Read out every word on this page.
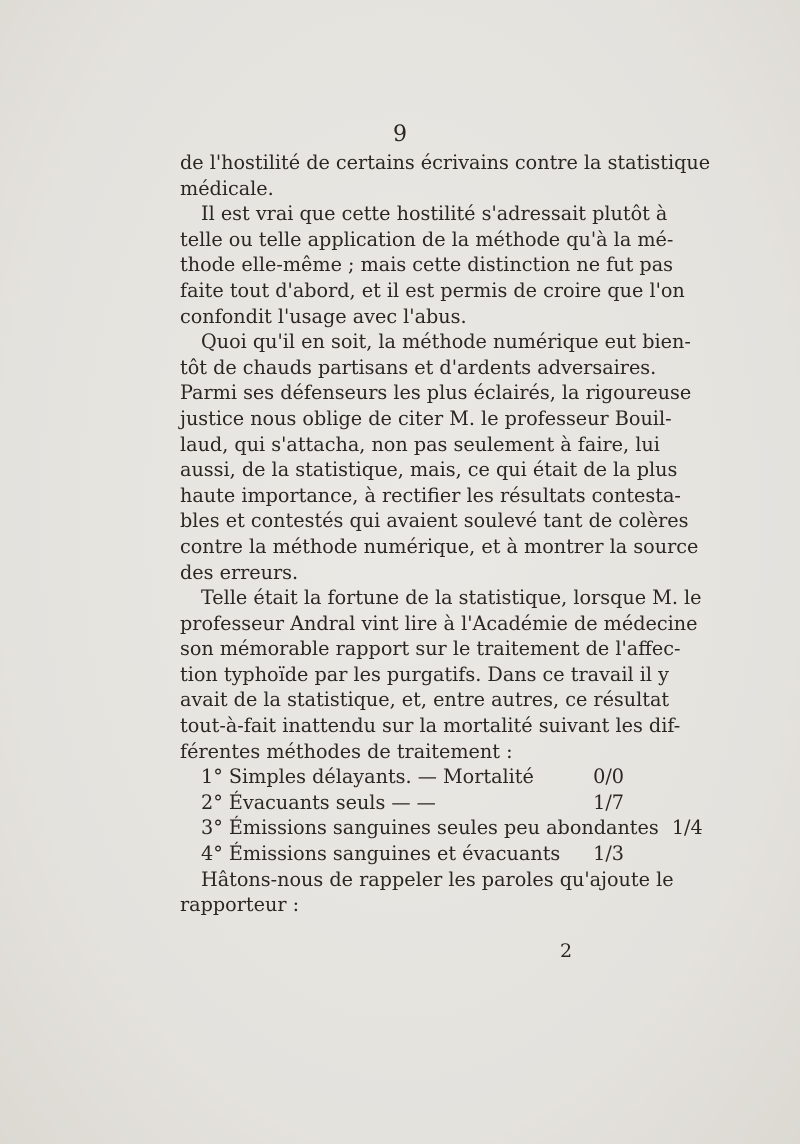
9
de l'hostilité de certains écrivains contre la statistique
médicale.
Il est vrai que cette hostilité s'adressait plutôt à
telle ou telle application de la méthode qu'à la mé-
thode elle-même ; mais cette distinction ne fut pas
faite tout d'abord, et il est permis de croire que l'on
confondit l'usage avec l'abus.
Quoi qu'il en soit, la méthode numérique eut bien-
tôt de chauds partisans et d'ardents adversaires.
Parmi ses défenseurs les plus éclairés, la rigoureuse
justice nous oblige de citer M. le professeur Bouil-
laud, qui s'attacha, non pas seulement à faire, lui
aussi, de la statistique, mais, ce qui était de la plus
haute importance, à rectifier les résultats contesta-
bles et contestés qui avaient soulevé tant de colères
contre la méthode numérique, et à montrer la source
des erreurs.
Telle était la fortune de la statistique, lorsque M. le
professeur Andral vint lire à l'Académie de médecine
son mémorable rapport sur le traitement de l'affec-
tion typhoïde par les purgatifs. Dans ce travail il y
avait de la statistique, et, entre autres, ce résultat
tout-à-fait inattendu sur la mortalité suivant les dif-
férentes méthodes de traitement :
1° Simples délayants. — Mortalité	0/0
2° Évacuants seuls — —	1/7
3° Émissions sanguines seules peu abondantes 1/4
4° Émissions sanguines et évacuants	1/3
Hâtons-nous de rappeler les paroles qu'ajoute le
rapporteur :
2
